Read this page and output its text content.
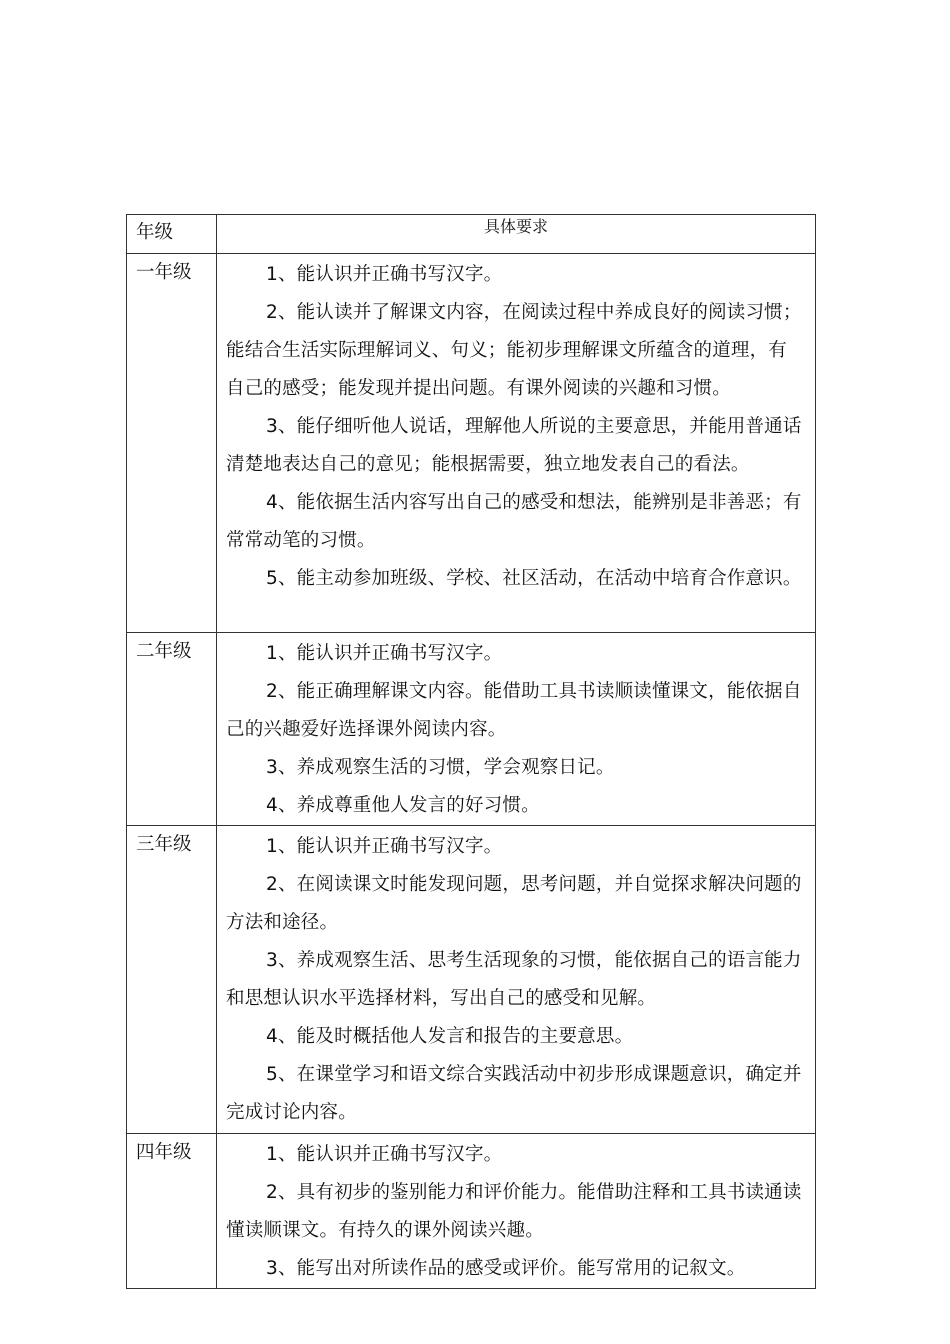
年级	具体要求
一年级	1、能认识并正确书写汉字。

2、能认读并了解课文内容，在阅读过程中养成良好的阅读习惯；能结合生活实际理解词义、句义；能初步理解课文所蕴含的道理，有自己的感受；能发现并提出问题。有课外阅读的兴趣和习惯。

3、能仔细听他人说话，理解他人所说的主要意思，并能用普通话清楚地表达自己的意见；能根据需要，独立地发表自己的看法。

4、能依据生活内容写出自己的感受和想法，能辨别是非善恶；有常常动笔的习惯。

5、能主动参加班级、学校、社区活动，在活动中培育合作意识。

二年级	1、能认识并正确书写汉字。

2、能正确理解课文内容。能借助工具书读顺读懂课文，能依据自己的兴趣爱好选择课外阅读内容。

3、养成观察生活的习惯，学会观察日记。

4、养成尊重他人发言的好习惯。

三年级	1、能认识并正确书写汉字。

2、在阅读课文时能发现问题，思考问题，并自觉探求解决问题的方法和途径。

3、养成观察生活、思考生活现象的习惯，能依据自己的语言能力和思想认识水平选择材料，写出自己的感受和见解。

4、能及时概括他人发言和报告的主要意思。

5、在课堂学习和语文综合实践活动中初步形成课题意识，确定并完成讨论内容。

四年级	1、能认识并正确书写汉字。

2、具有初步的鉴别能力和评价能力。能借助注释和工具书读通读懂读顺课文。有持久的课外阅读兴趣。

3、能写出对所读作品的感受或评价。能写常用的记叙文。
